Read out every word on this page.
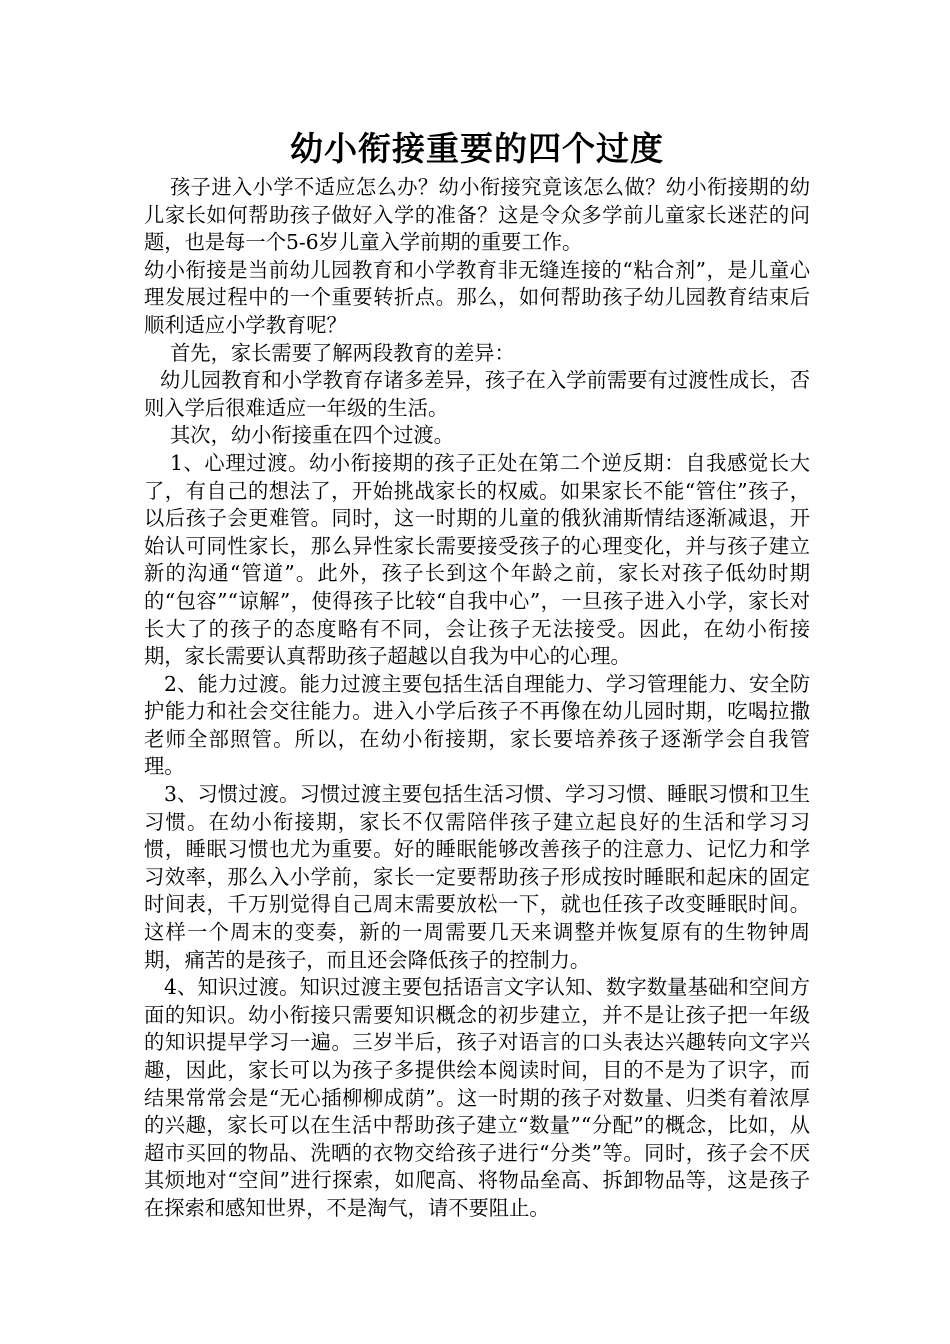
幼小衔接重要的四个过度

孩子进入小学不适应怎么办？幼小衔接究竟该怎么做？幼小衔接期的幼儿家长如何帮助孩子做好入学的准备？这是令众多学前儿童家长迷茫的问题，也是每一个5-6岁儿童入学前期的重要工作。

幼小衔接是当前幼儿园教育和小学教育非无缝连接的“粘合剂”，是儿童心理发展过程中的一个重要转折点。那么，如何帮助孩子幼儿园教育结束后顺利适应小学教育呢？

首先，家长需要了解两段教育的差异：

幼儿园教育和小学教育存诸多差异，孩子在入学前需要有过渡性成长，否则入学后很难适应一年级的生活。

其次，幼小衔接重在四个过渡。

1、心理过渡。幼小衔接期的孩子正处在第二个逆反期：自我感觉长大了，有自己的想法了，开始挑战家长的权威。如果家长不能“管住”孩子，以后孩子会更难管。同时，这一时期的儿童的俄狄浦斯情结逐渐减退，开始认可同性家长，那么异性家长需要接受孩子的心理变化，并与孩子建立新的沟通“管道”。此外，孩子长到这个年龄之前，家长对孩子低幼时期的“包容”“谅解”，使得孩子比较“自我中心”，一旦孩子进入小学，家长对长大了的孩子的态度略有不同，会让孩子无法接受。因此，在幼小衔接期，家长需要认真帮助孩子超越以自我为中心的心理。

2、能力过渡。能力过渡主要包括生活自理能力、学习管理能力、安全防护能力和社会交往能力。进入小学后孩子不再像在幼儿园时期，吃喝拉撒老师全部照管。所以，在幼小衔接期，家长要培养孩子逐渐学会自我管理。

3、习惯过渡。习惯过渡主要包括生活习惯、学习习惯、睡眠习惯和卫生习惯。在幼小衔接期，家长不仅需陪伴孩子建立起良好的生活和学习习惯，睡眠习惯也尤为重要。好的睡眠能够改善孩子的注意力、记忆力和学习效率，那么入小学前，家长一定要帮助孩子形成按时睡眠和起床的固定时间表，千万别觉得自己周末需要放松一下，就也任孩子改变睡眠时间。这样一个周末的变奏，新的一周需要几天来调整并恢复原有的生物钟周期，痛苦的是孩子，而且还会降低孩子的控制力。

4、知识过渡。知识过渡主要包括语言文字认知、数字数量基础和空间方面的知识。幼小衔接只需要知识概念的初步建立，并不是让孩子把一年级的知识提早学习一遍。三岁半后，孩子对语言的口头表达兴趣转向文字兴趣，因此，家长可以为孩子多提供绘本阅读时间，目的不是为了识字，而结果常常会是“无心插柳柳成荫”。这一时期的孩子对数量、归类有着浓厚的兴趣，家长可以在生活中帮助孩子建立“数量”“分配”的概念，比如，从超市买回的物品、洗晒的衣物交给孩子进行“分类”等。同时，孩子会不厌其烦地对“空间”进行探索，如爬高、将物品垒高、拆卸物品等，这是孩子在探索和感知世界，不是淘气，请不要阻止。
